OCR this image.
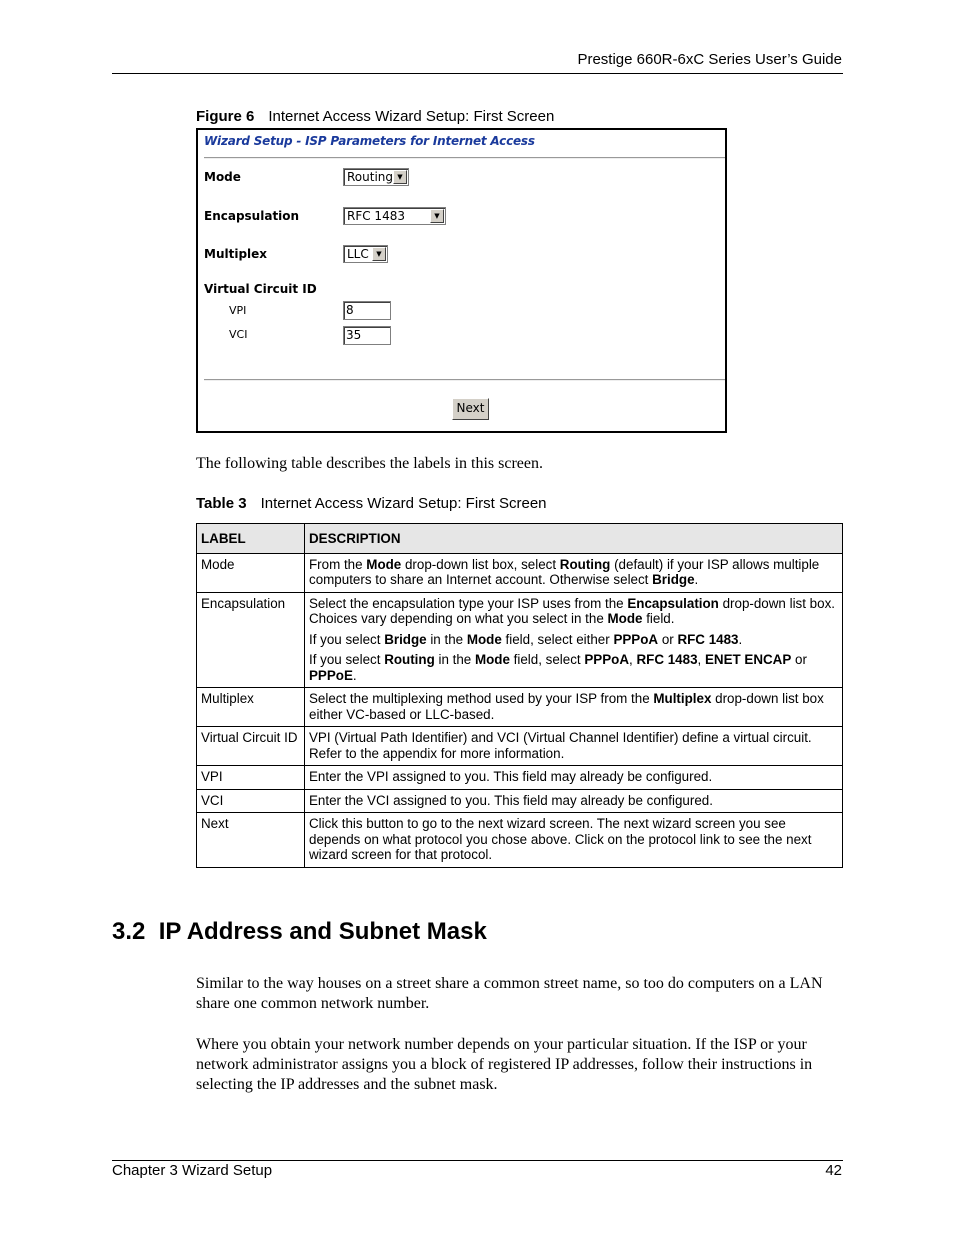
Prestige 660R-6xC Series User’s Guide
Figure 6 Internet Access Wizard Setup: First Screen
Wizard Setup - ISP Parameters for Internet Access
Mode	Routing ▼
Encapsulation	RFC 1483	▼
Multiplex	LLC	▼
Virtual Circuit ID
VPI	8
VCI	35
Next
The following table describes the labels in this screen.
Table 3 Internet Access Wizard Setup: First Screen
LABEL	DESCRIPTION
Mode	From the Mode drop-down list box, select Routing (default) if your ISP allows multiple computers to share an Internet account. Otherwise select Bridge.

Encapsulation	Select the encapsulation type your ISP uses from the Encapsulation drop-down list box. Choices vary depending on what you select in the Mode field.

If you select Bridge in the Mode field, select either PPPoA or RFC 1483.

If you select Routing in the Mode field, select PPPoA, RFC 1483, ENET ENCAP or PPPoE.

Multiplex	Select the multiplexing method used by your ISP from the Multiplex drop-down list box either VC-based or LLC-based.

Virtual Circuit ID	VPI (Virtual Path Identifier) and VCI (Virtual Channel Identifier) define a virtual circuit. Refer to the appendix for more information.

VPI	Enter the VPI assigned to you. This field may already be configured.

VCI	Enter the VCI assigned to you. This field may already be configured.

Next	Click this button to go to the next wizard screen. The next wizard screen you see depends on what protocol you chose above. Click on the protocol link to see the next wizard screen for that protocol.

3.2  IP Address and Subnet Mask
Similar to the way houses on a street share a common street name, so too do computers on a LAN share one common network number.
Where you obtain your network number depends on your particular situation. If the ISP or your network administrator assigns you a block of registered IP addresses, follow their instructions in selecting the IP addresses and the subnet mask.
Chapter 3 Wizard Setup	42
